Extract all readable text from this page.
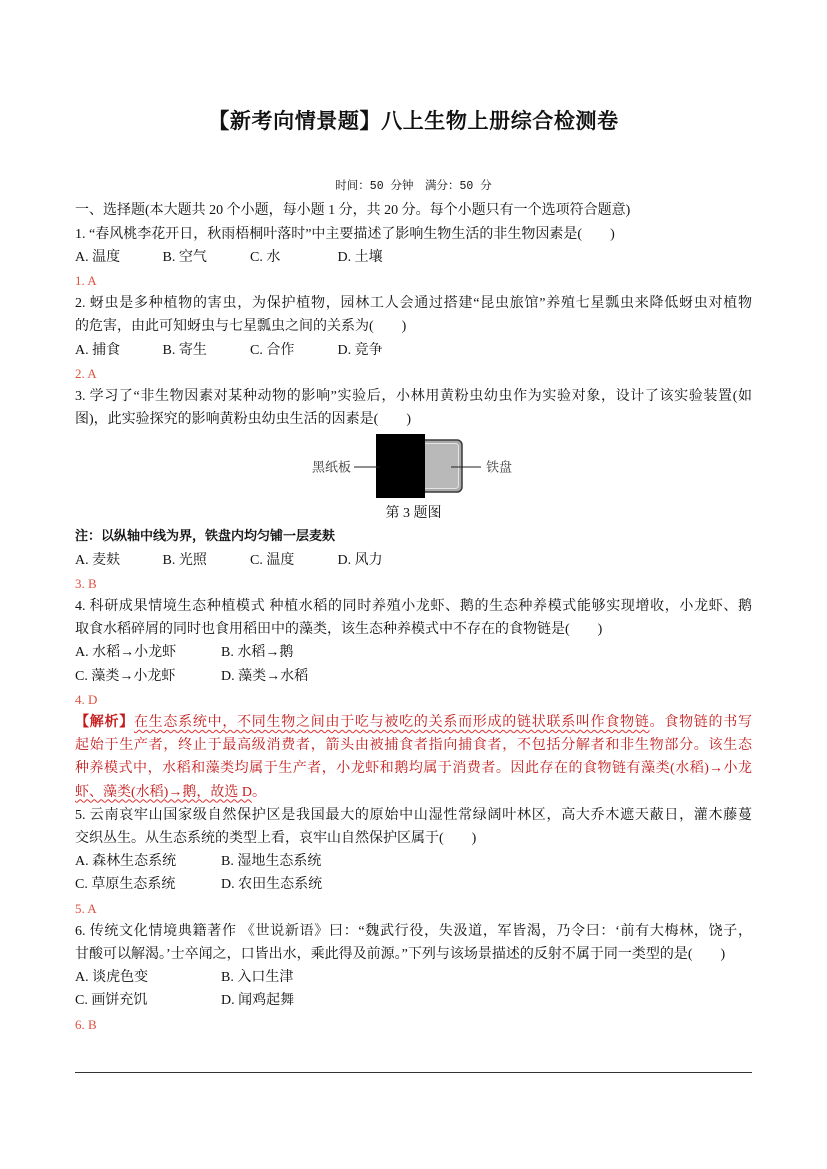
【新考向情景题】八上生物上册综合检测卷
时间：50 分钟　满分：50 分
一、选择题(本大题共 20 个小题，每小题 1 分，共 20 分。每个小题只有一个选项符合题意)
1. “春风桃李花开日，秋雨梧桐叶落时”中主要描述了影响生物生活的非生物因素是(　　)
A. 温度	B. 空气	C. 水	D. 土壤
1. A
2. 蚜虫是多种植物的害虫，为保护植物，园林工人会通过搭建“昆虫旅馆”养殖七星瓢虫来降低蚜虫对植物
的危害，由此可知蚜虫与七星瓢虫之间的关系为(　　)
A. 捕食	B. 寄生	C. 合作	D. 竞争
2. A
3. 学习了“非生物因素对某种动物的影响”实验后，小林用黄粉虫幼虫作为实验对象，设计了该实验装置(如
图)，此实验探究的影响黄粉虫幼虫生活的因素是(　　)
黑纸板	铁盘
第 3 题图
注：以纵轴中线为界，铁盘内均匀铺一层麦麸
A. 麦麸	B. 光照	C. 温度	D. 风力
3. B
4. 科研成果情境生态种植模式 种植水稻的同时养殖小龙虾、鹅的生态种养模式能够实现增收，小龙虾、鹅
取食水稻碎屑的同时也食用稻田中的藻类，该生态种养模式中不存在的食物链是(　　)
A. 水稻→小龙虾	B. 水稻→鹅
C. 藻类→小龙虾	D. 藻类→水稻
4. D
【解析】在生态系统中，不同生物之间由于吃与被吃的关系而形成的链状联系叫作食物链。食物链的书写
起始于生产者，终止于最高级消费者，箭头由被捕食者指向捕食者，不包括分解者和非生物部分。该生态
种养模式中，水稻和藻类均属于生产者，小龙虾和鹅均属于消费者。因此存在的食物链有藻类(水稻)→小龙
虾、藻类(水稻)→鹅，故选 D。
5. 云南哀牢山国家级自然保护区是我国最大的原始中山湿性常绿阔叶林区，高大乔木遮天蔽日，灌木藤蔓
交织丛生。从生态系统的类型上看，哀牢山自然保护区属于(　　)
A. 森林生态系统	B. 湿地生态系统
C. 草原生态系统	D. 农田生态系统
5. A
6. 传统文化情境典籍著作 《世说新语》曰：“魏武行役，失汲道，军皆渴，乃令曰：‘前有大梅林，饶子，
甘酸可以解渴。’士卒闻之，口皆出水，乘此得及前源。”下列与该场景描述的反射不属于同一类型的是(　　)
A. 谈虎色变	B. 入口生津
C. 画饼充饥	D. 闻鸡起舞
6. B
